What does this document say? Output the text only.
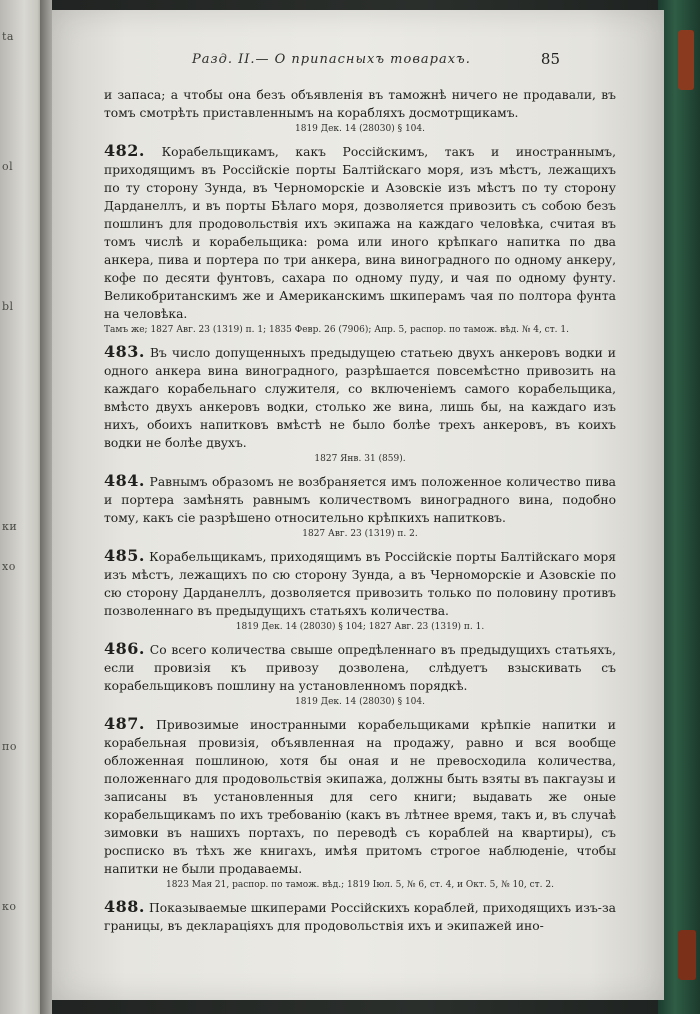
ta
ol
bl
ки
хо
по
ко
Разд. II.— О припасныхъ товарахъ.	85

и запаса; а чтобы она безъ объявленія въ таможнѣ ничего не продавали, въ томъ смотрѣть приставленнымъ на корабляхъ досмотрщикамъ.

1819 Дек. 14 (28030) § 104.

482. Корабельщикамъ, какъ Россійскимъ, такъ и иностраннымъ, приходящимъ въ Россійскіе порты Балтійскаго моря, изъ мѣстъ, лежащихъ по ту сторону Зунда, въ Черноморскіе и Азовскіе изъ мѣстъ по ту сторону Дарданеллъ, и въ порты Бѣлаго моря, дозволяется привозить съ собою безъ пошлинъ для продовольствія ихъ экипажа на каждаго человѣка, считая въ томъ числѣ и корабельщика: рома или иного крѣпкаго напитка по два анкера, пива и портера по три анкера, вина виноградного по одному анкеру, кофе по десяти фунтовъ, сахара по одному пуду, и чая по одному фунту. Великобританскимъ же и Американскимъ шкиперамъ чая по полтора фунта на человѣка.

Тамъ же; 1827 Авг. 23 (1319) п. 1; 1835 Февр. 26 (7906); Апр. 5, распор. по тамож. вѣд. № 4, ст. 1.

483. Въ число допущенныхъ предыдущею статьею двухъ анкеровъ водки и одного анкера вина виноградного, разрѣшается повсемѣстно привозить на каждаго корабельнаго служителя, со включеніемъ самого корабельщика, вмѣсто двухъ анкеровъ водки, столько же вина, лишь бы, на каждаго изъ нихъ, обоихъ напитковъ вмѣстѣ не было болѣе трехъ анкеровъ, въ коихъ водки не болѣе двухъ.

1827 Янв. 31 (859).

484. Равнымъ образомъ не возбраняется имъ положенное количество пива и портера замѣнять равнымъ количествомъ виноградного вина, подобно тому, какъ сіе разрѣшено относительно крѣпкихъ напитковъ.

1827 Авг. 23 (1319) п. 2.

485. Корабельщикамъ, приходящимъ въ Россійскіе порты Балтійскаго моря изъ мѣстъ, лежащихъ по сю сторону Зунда, а въ Черноморскіе и Азовскіе по сю сторону Дарданеллъ, дозволяется привозить только по половину противъ позволеннаго въ предыдущихъ статьяхъ количества.

1819 Дек. 14 (28030) § 104; 1827 Авг. 23 (1319) п. 1.

486. Со всего количества свыше опредѣленнаго въ предыдущихъ статьяхъ, если провизія къ привозу дозволена, слѣдуетъ взыскивать съ корабельщиковъ пошлину на установленномъ порядкѣ.

1819 Дек. 14 (28030) § 104.

487. Привозимые иностранными корабельщиками крѣпкіе напитки и корабельная провизія, объявленная на продажу, равно и вся вообще обложенная пошлиною, хотя бы оная и не превосходила количества, положеннаго для продовольствія экипажа, должны быть взяты въ пакгаузы и записаны въ установленныя для сего книги; выдавать же оные корабельщикамъ по ихъ требованію (какъ въ лѣтнее время, такъ и, въ случаѣ зимовки въ нашихъ портахъ, по переводѣ съ кораблей на квартиры), съ росписко въ тѣхъ же книгахъ, имѣя притомъ строгое наблюденіе, чтобы напитки не были продаваемы.

1823 Мая 21, распор. по тамож. вѣд.; 1819 Іюл. 5, № 6, ст. 4, и Окт. 5, № 10, ст. 2.

488. Показываемые шкиперами Россійскихъ кораблей, приходящихъ изъ-за границы, въ деклараціяхъ для продовольствія ихъ и экипажей ино-
